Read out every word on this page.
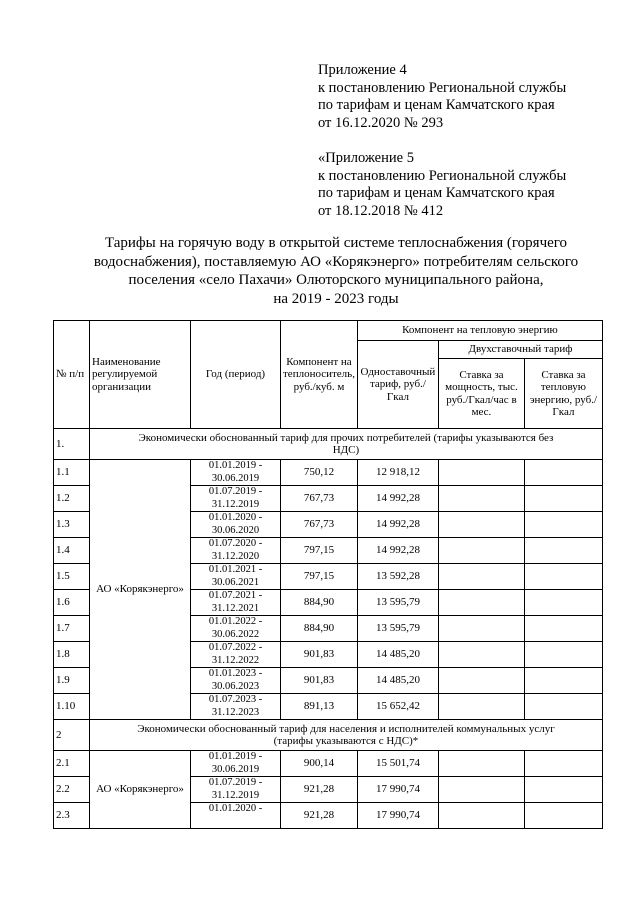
Приложение 4
к постановлению Региональной службы
по тарифам и ценам Камчатского края
от 16.12.2020 № 293
«Приложение 5
к постановлению Региональной службы
по тарифам и ценам Камчатского края
от 18.12.2018 № 412
Тарифы на горячую воду в открытой системе теплоснабжения (горячего
водоснабжения), поставляемую АО «Корякэнерго» потребителям сельского
поселения «село Пахачи» Олюторского муниципального района,
на 2019 - 2023 годы
№ п/п	Наименование регулируемой организации	Год (период)	Компонент на теплоноситель, руб./куб. м	Компонент на тепловую энергию		
				Одноставочный тариф, руб./Гкал	Двухставочный тариф	
					Ставка за мощность, тыс. руб./Гкал/час в мес.	Ставка за тепловую энергию, руб./Гкал
1.	Экономически обоснованный тариф для прочих потребителей (тарифы указываются без
НДС)					

1.1	АО «Корякэнерго»	01.01.2019 -
30.06.2019	750,12	12 918,12		
1.2		01.07.2019 -
31.12.2019	767,73	14 992,28		
1.3		01.01.2020 -
30.06.2020	767,73	14 992,28		
1.4		01.07.2020 -
31.12.2020	797,15	14 992,28		
1.5		01.01.2021 -
30.06.2021	797,15	13 592,28		
1.6		01.07.2021 -
31.12.2021	884,90	13 595,79		
1.7		01.01.2022 -
30.06.2022	884,90	13 595,79		
1.8		01.07.2022 -
31.12.2022	901,83	14 485,20		
1.9		01.01.2023 -
30.06.2023	901,83	14 485,20		
1.10		01.07.2023 -
31.12.2023	891,13	15 652,42		
2	Экономически обоснованный тариф для населения и исполнителей коммунальных услуг
(тарифы указываются с НДС)*					

2.1	АО «Корякэнерго»	01.01.2019 -
30.06.2019	900,14	15 501,74		
2.2		01.07.2019 -
31.12.2019	921,28	17 990,74		
2.3		01.01.2020 -	921,28	17 990,74		
